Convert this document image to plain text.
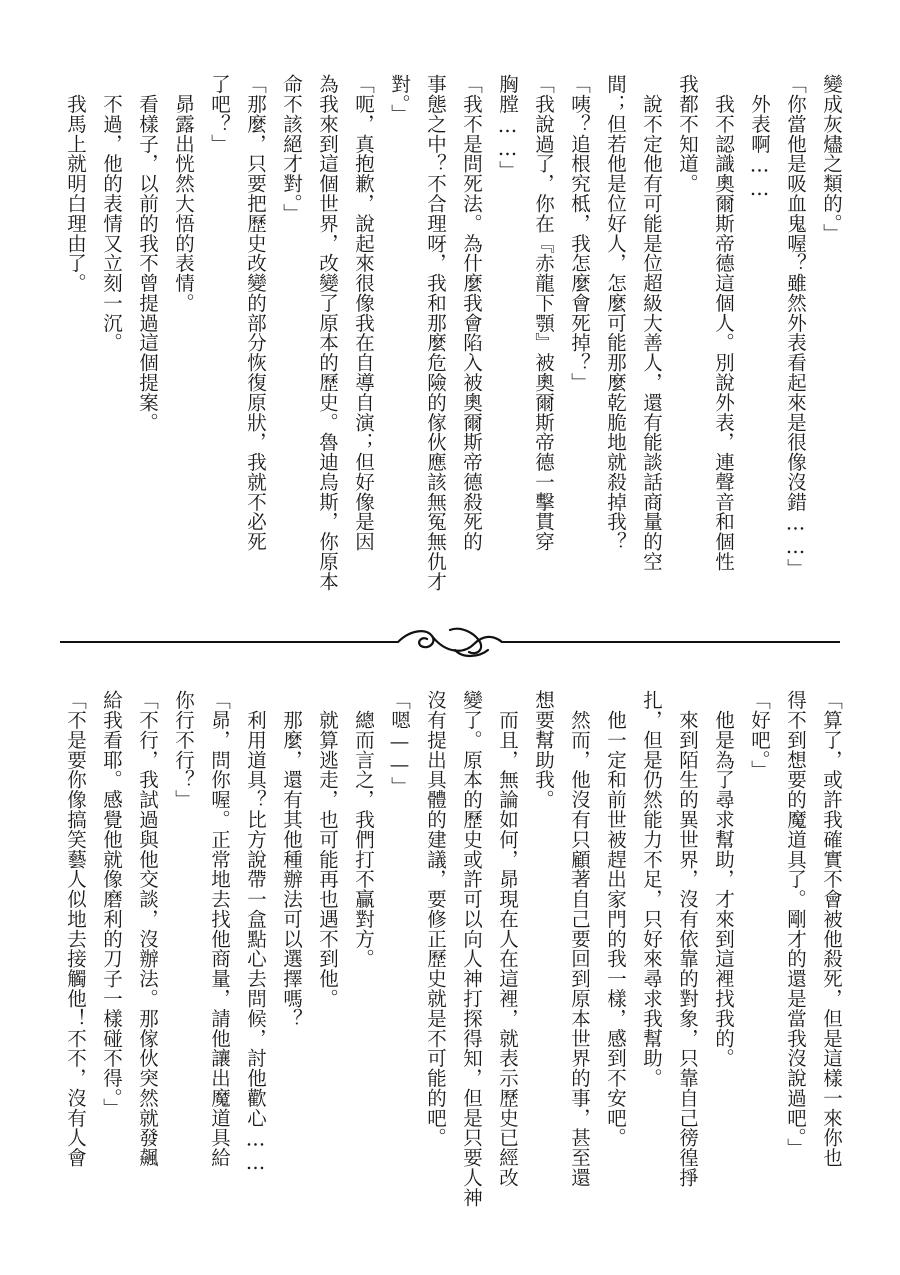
變成灰燼之類的。」
「你當他是吸血鬼喔？雖然外表看起來是很像沒錯……」
　外表啊……
　我不認識奧爾斯帝德這個人。別說外表，連聲音和個性
我都不知道。
　說不定他有可能是位超級大善人，還有能談話商量的空
間；但若他是位好人，怎麼可能那麼乾脆地就殺掉我？
「咦？追根究柢，我怎麼會死掉？」
「我說過了，你在『赤龍下顎』被奧爾斯帝德一擊貫穿
胸膛……」
「我不是問死法。為什麼我會陷入被奧爾斯帝德殺死的
事態之中？不合理呀，我和那麼危險的傢伙應該無冤無仇才
對。」
「呃，真抱歉，說起來很像我在自導自演；但好像是因
為我來到這個世界，改變了原本的歷史。魯迪烏斯，你原本
命不該絕才對。」
「那麼，只要把歷史改變的部分恢復原狀，我就不必死
了吧？」
　昴露出恍然大悟的表情。
　看樣子，以前的我不曾提過這個提案。
　不過，他的表情又立刻一沉。
　我馬上就明白理由了。
「算了，或許我確實不會被他殺死，但是這樣一來你也
得不到想要的魔道具了。剛才的還是當我沒說過吧。」
「好吧。」
　他是為了尋求幫助，才來到這裡找我的。
　來到陌生的異世界，沒有依靠的對象，只靠自己徬徨掙
扎，但是仍然能力不足，只好來尋求我幫助。
　他一定和前世被趕出家門的我一樣，感到不安吧。
　然而，他沒有只顧著自己要回到原本世界的事，甚至還
想要幫助我。
　而且，無論如何，昴現在人在這裡，就表示歷史已經改
變了。原本的歷史或許可以向人神打探得知，但是只要人神
沒有提出具體的建議，要修正歷史就是不可能的吧。
「嗯——」
　總而言之，我們打不贏對方。
　就算逃走，也可能再也遇不到他。
　那麼，還有其他種辦法可以選擇嗎？
　利用道具？比方說帶一盒點心去問候，討他歡心……
「昴，問你喔。正常地去找他商量，請他讓出魔道具給
你行不行？」
「不行，我試過與他交談，沒辦法。那傢伙突然就發飆
給我看耶。感覺他就像磨利的刀子一樣碰不得。」
「不是要你像搞笑藝人似地去接觸他！不不，沒有人會
